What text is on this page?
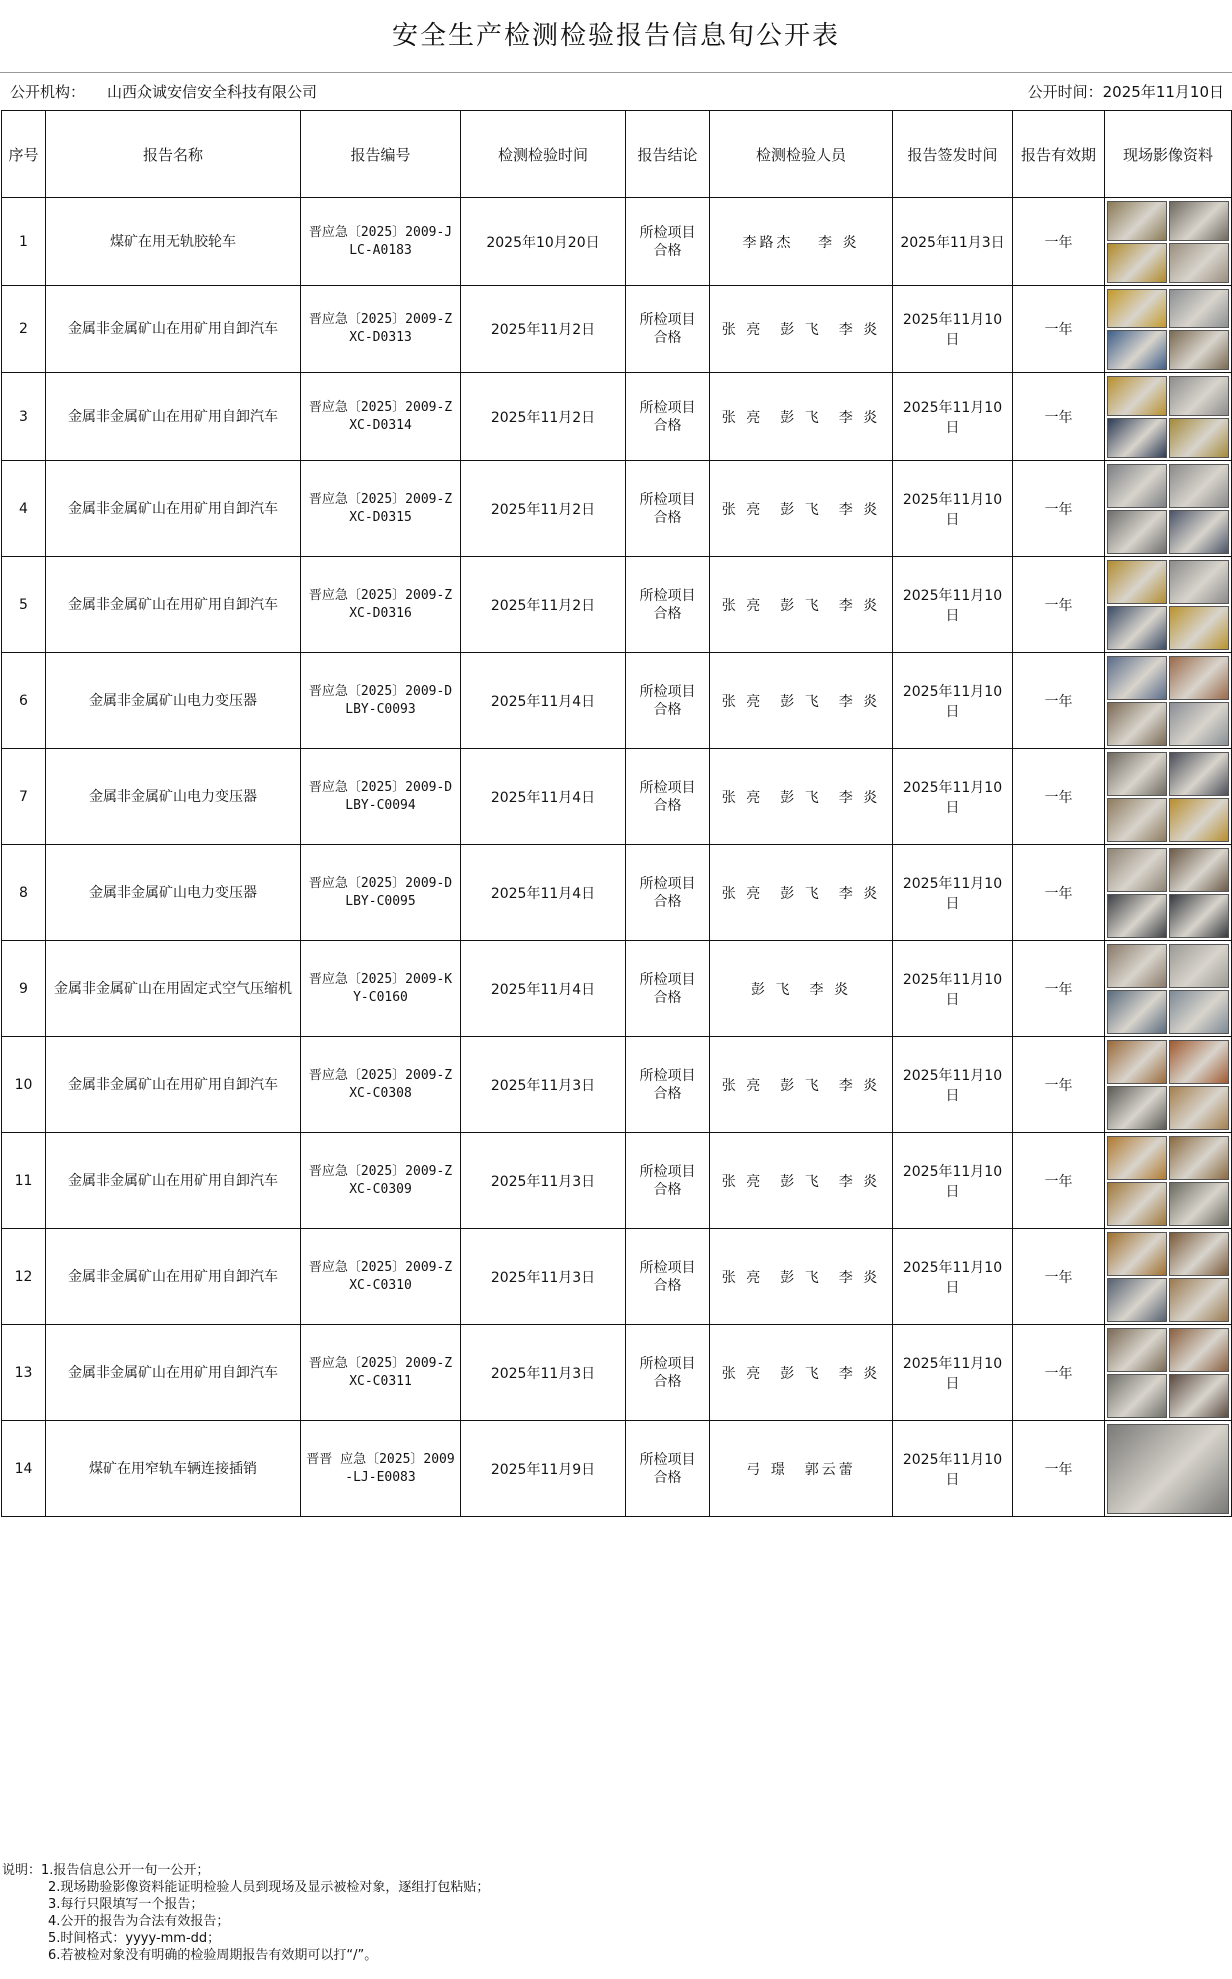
安全生产检测检验报告信息旬公开表
公开机构： 山西众诚安信安全科技有限公司	公开时间：2025年11月10日
序号	报告名称	报告编号	检测检验时间	报告结论	检测检验人员	报告签发时间	报告有效期	现场影像资料
1	煤矿在用无轨胶轮车	晋应急〔2025〕2009-JLC-A0183	2025年10月20日	所检项目合格	李路杰　 李 炎	2025年11月3日	一年	

2	金属非金属矿山在用矿用自卸汽车	晋应急〔2025〕2009-ZXC-D0313	2025年11月2日	所检项目合格	张 亮　彭 飞　李 炎	2025年11月10日	一年	

3	金属非金属矿山在用矿用自卸汽车	晋应急〔2025〕2009-ZXC-D0314	2025年11月2日	所检项目合格	张 亮　彭 飞　李 炎	2025年11月10日	一年	

4	金属非金属矿山在用矿用自卸汽车	晋应急〔2025〕2009-ZXC-D0315	2025年11月2日	所检项目合格	张 亮　彭 飞　李 炎	2025年11月10日	一年	

5	金属非金属矿山在用矿用自卸汽车	晋应急〔2025〕2009-ZXC-D0316	2025年11月2日	所检项目合格	张 亮　彭 飞　李 炎	2025年11月10日	一年	

6	金属非金属矿山电力变压器	晋应急〔2025〕2009-DLBY-C0093	2025年11月4日	所检项目合格	张 亮　彭 飞　李 炎	2025年11月10日	一年	

7	金属非金属矿山电力变压器	晋应急〔2025〕2009-DLBY-C0094	2025年11月4日	所检项目合格	张 亮　彭 飞　李 炎	2025年11月10日	一年	

8	金属非金属矿山电力变压器	晋应急〔2025〕2009-DLBY-C0095	2025年11月4日	所检项目合格	张 亮　彭 飞　李 炎	2025年11月10日	一年	

9	金属非金属矿山在用固定式空气压缩机	晋应急〔2025〕2009-KY-C0160	2025年11月4日	所检项目合格	彭 飞　李 炎	2025年11月10日	一年	

10	金属非金属矿山在用矿用自卸汽车	晋应急〔2025〕2009-ZXC-C0308	2025年11月3日	所检项目合格	张 亮　彭 飞　李 炎	2025年11月10日	一年	

11	金属非金属矿山在用矿用自卸汽车	晋应急〔2025〕2009-ZXC-C0309	2025年11月3日	所检项目合格	张 亮　彭 飞　李 炎	2025年11月10日	一年	

12	金属非金属矿山在用矿用自卸汽车	晋应急〔2025〕2009-ZXC-C0310	2025年11月3日	所检项目合格	张 亮　彭 飞　李 炎	2025年11月10日	一年	

13	金属非金属矿山在用矿用自卸汽车	晋应急〔2025〕2009-ZXC-C0311	2025年11月3日	所检项目合格	张 亮　彭 飞　李 炎	2025年11月10日	一年	

14	煤矿在用窄轨车辆连接插销	晋晋 应急〔2025〕2009-LJ-E0083	2025年11月9日	所检项目合格	弓 璟　郭云蕾	2025年11月10日	一年	
说明：1.报告信息公开一旬一公开；
2.现场勘验影像资料能证明检验人员到现场及显示被检对象，逐组打包粘贴；
3.每行只限填写一个报告；
4.公开的报告为合法有效报告；
5.时间格式：yyyy-mm-dd；
6.若被检对象没有明确的检验周期报告有效期可以打“/”。
